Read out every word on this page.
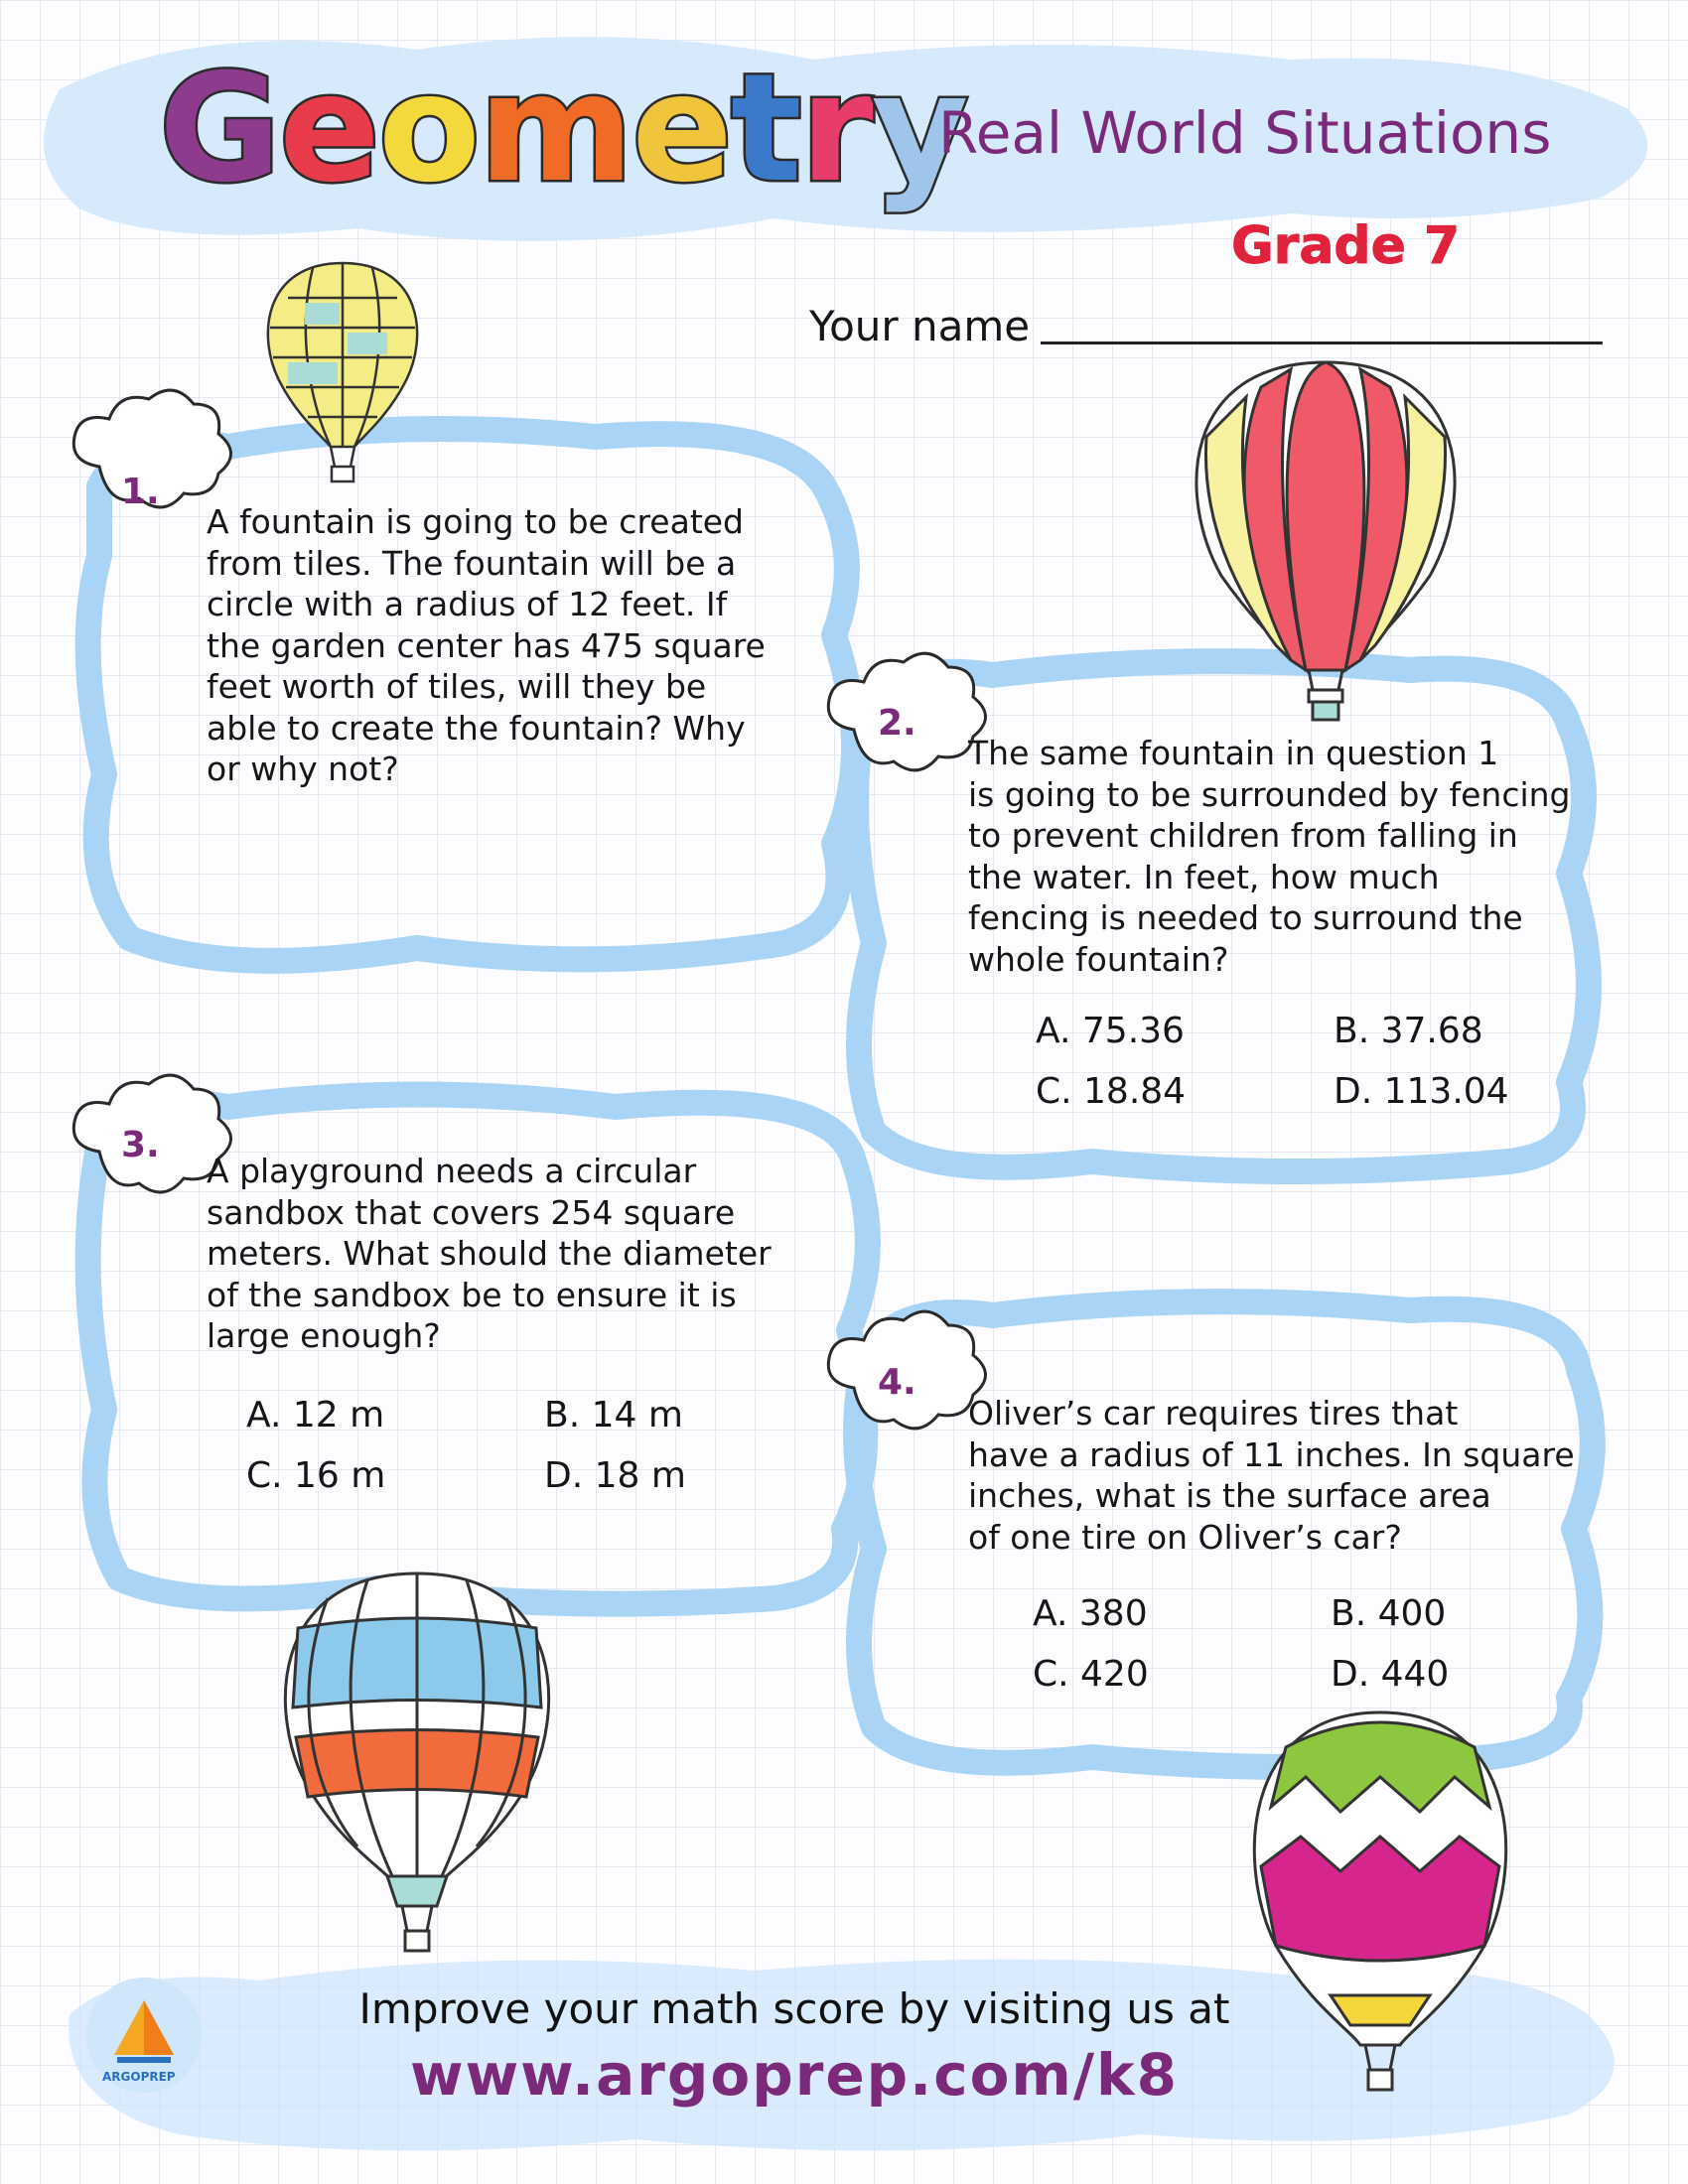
Geometry
Real World Situations
Grade 7
Your name
1.
A fountain is going to be created
from tiles. The fountain will be a
circle with a radius of 12 feet. If
the garden center has 475 square
feet worth of tiles, will they be
able to create the fountain? Why
or why not?
2.
The same fountain in question 1
is going to be surrounded by fencing
to prevent children from falling in
the water. In feet, how much
fencing is needed to surround the
whole fountain?
A. 75.36	B. 37.68
C. 18.84	D. 113.04
3.
A playground needs a circular
sandbox that covers 254 square
meters. What should the diameter
of the sandbox be to ensure it is
large enough?
A. 12 m	B. 14 m
C. 16 m	D. 18 m
4.
Oliver’s car requires tires that
have a radius of 11 inches. In square
inches, what is the surface area
of one tire on Oliver’s car?
A. 380	B. 400
C. 420	D. 440
Improve your math score by visiting us at
www.argoprep.com/k8
ARGOPREP
